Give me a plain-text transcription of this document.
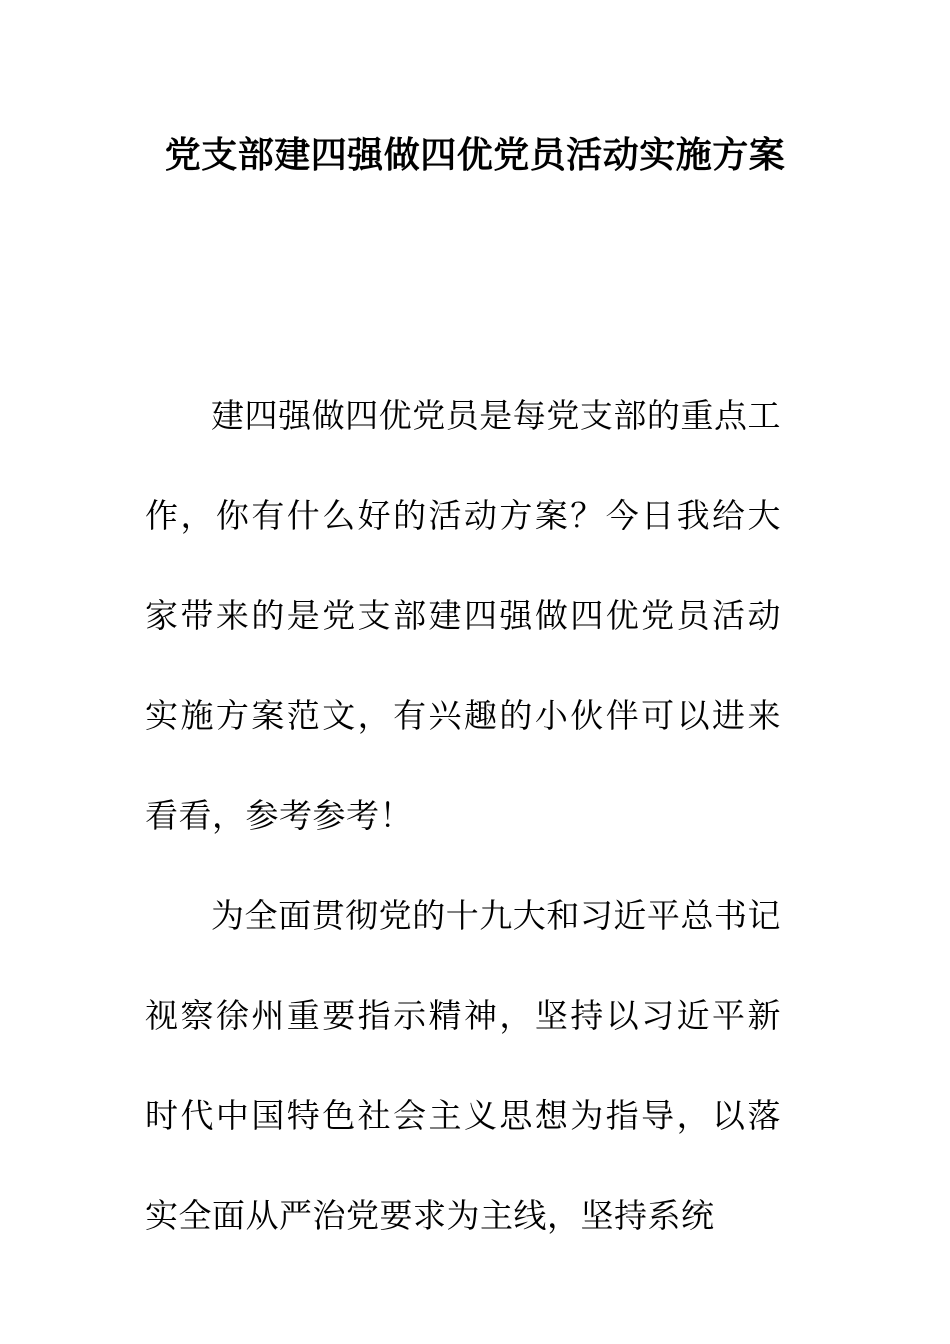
党支部建四强做四优党员活动实施方案

建四强做四优党员是每党支部的重点工作，你有什么好的活动方案？今日我给大家带来的是党支部建四强做四优党员活动实施方案范文，有兴趣的小伙伴可以进来看看，参考参考！

为全面贯彻党的十九大和习近平总书记视察徐州重要指示精神，坚持以习近平新时代中国特色社会主义思想为指导，以落实全面从严治党要求为主线，坚持系统
